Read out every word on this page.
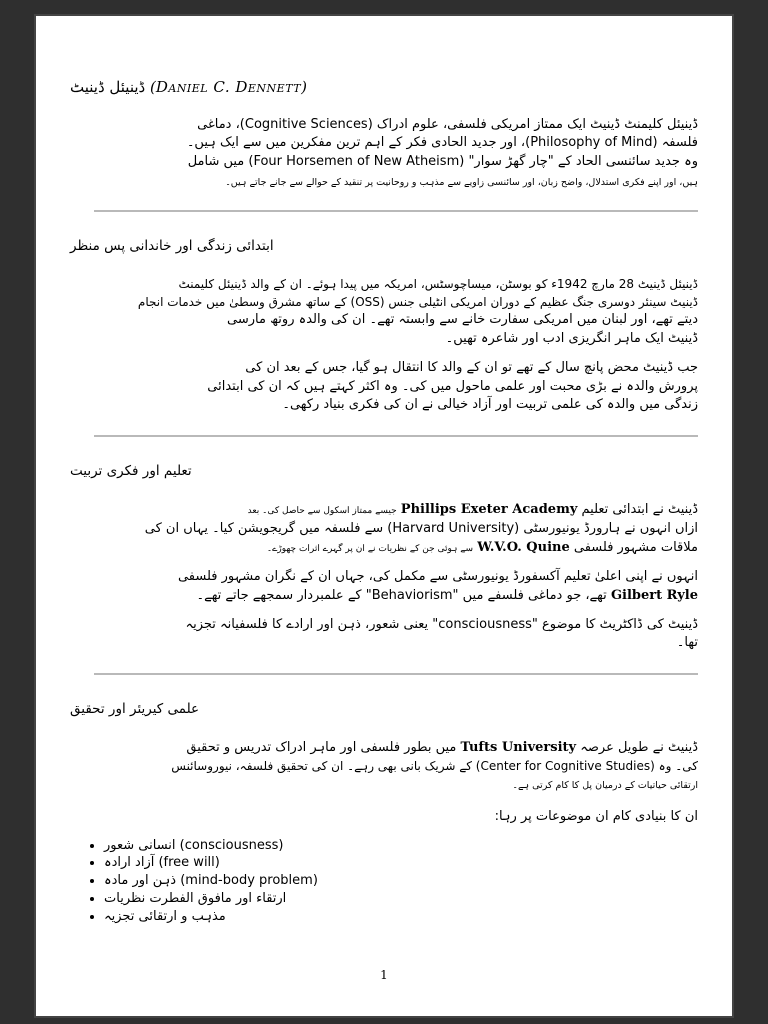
ڈینیئل ڈینیٹ (Daniel C. Dennett)
ڈینیئل کلیمنٹ ڈینیٹ ایک ممتاز امریکی فلسفی، علوم ادراک (Cognitive Sciences)، دماغی
فلسفہ (Philosophy of Mind)، اور جدید الحادی فکر کے اہم ترین مفکرین میں سے ایک ہیں۔
وہ جدید سائنسی الحاد کے "چار گھڑ سوار" (Four Horsemen of New Atheism) میں شامل
ہیں، اور اپنے فکری استدلال، واضح زبان، اور سائنسی زاویے سے مذہب و روحانیت پر تنقید کے حوالے سے جانے جاتے ہیں۔
ابتدائی زندگی اور خاندانی پس منظر
ڈینیئل ڈینیٹ 28 مارچ 1942ء کو بوسٹن، میساچوسٹس، امریکہ میں پیدا ہوئے۔ ان کے والد ڈینیئل کلیمنٹ
ڈینیٹ سینئر دوسری جنگ عظیم کے دوران امریکی انٹیلی جنس (OSS) کے ساتھ مشرق وسطیٰ میں خدمات انجام
دیتے تھے، اور لبنان میں امریکی سفارت خانے سے وابستہ تھے۔ ان کی والدہ روتھ مارسی
ڈینیٹ ایک ماہر انگریزی ادب اور شاعرہ تھیں۔
جب ڈینیٹ محض پانچ سال کے تھے تو ان کے والد کا انتقال ہو گیا، جس کے بعد ان کی
پرورش والدہ نے بڑی محبت اور علمی ماحول میں کی۔ وہ اکثر کہتے ہیں کہ ان کی ابتدائی
زندگی میں والدہ کی علمی تربیت اور آزاد خیالی نے ان کی فکری بنیاد رکھی۔
تعلیم اور فکری تربیت
ڈینیٹ نے ابتدائی تعلیم Phillips Exeter Academy جیسے ممتاز اسکول سے حاصل کی۔ بعد
ازاں انہوں نے ہارورڈ یونیورسٹی (Harvard University) سے فلسفہ میں گریجویشن کیا۔ یہاں ان کی
ملاقات مشہور فلسفی W.V.O. Quine سے ہوئی جن کے نظریات نے ان پر گہرے اثرات چھوڑے۔
انہوں نے اپنی اعلیٰ تعلیم آکسفورڈ یونیورسٹی سے مکمل کی، جہاں ان کے نگران مشہور فلسفی
Gilbert Ryle تھے، جو دماغی فلسفے میں "Behaviorism" کے علمبردار سمجھے جاتے تھے۔
ڈینیٹ کی ڈاکٹریٹ کا موضوع "consciousness" یعنی شعور، ذہن اور ارادے کا فلسفیانہ تجزیہ
تھا۔
علمی کیریئر اور تحقیق
ڈینیٹ نے طویل عرصہ Tufts University میں بطور فلسفی اور ماہر ادراک تدریس و تحقیق
کی۔ وہ (Center for Cognitive Studies) کے شریک بانی بھی رہے۔ ان کی تحقیق فلسفہ، نیوروسائنس
ارتقائی حیاتیات کے درمیان پل کا کام کرتی ہے۔
ان کا بنیادی کام ان موضوعات پر رہا:
• انسانی شعور (consciousness)
• آزاد ارادہ (free will)
• ذہن اور مادہ (mind-body problem)
• ارتقاء اور مافوق الفطرت نظریات
• مذہب و ارتقائی تجزیہ
1
